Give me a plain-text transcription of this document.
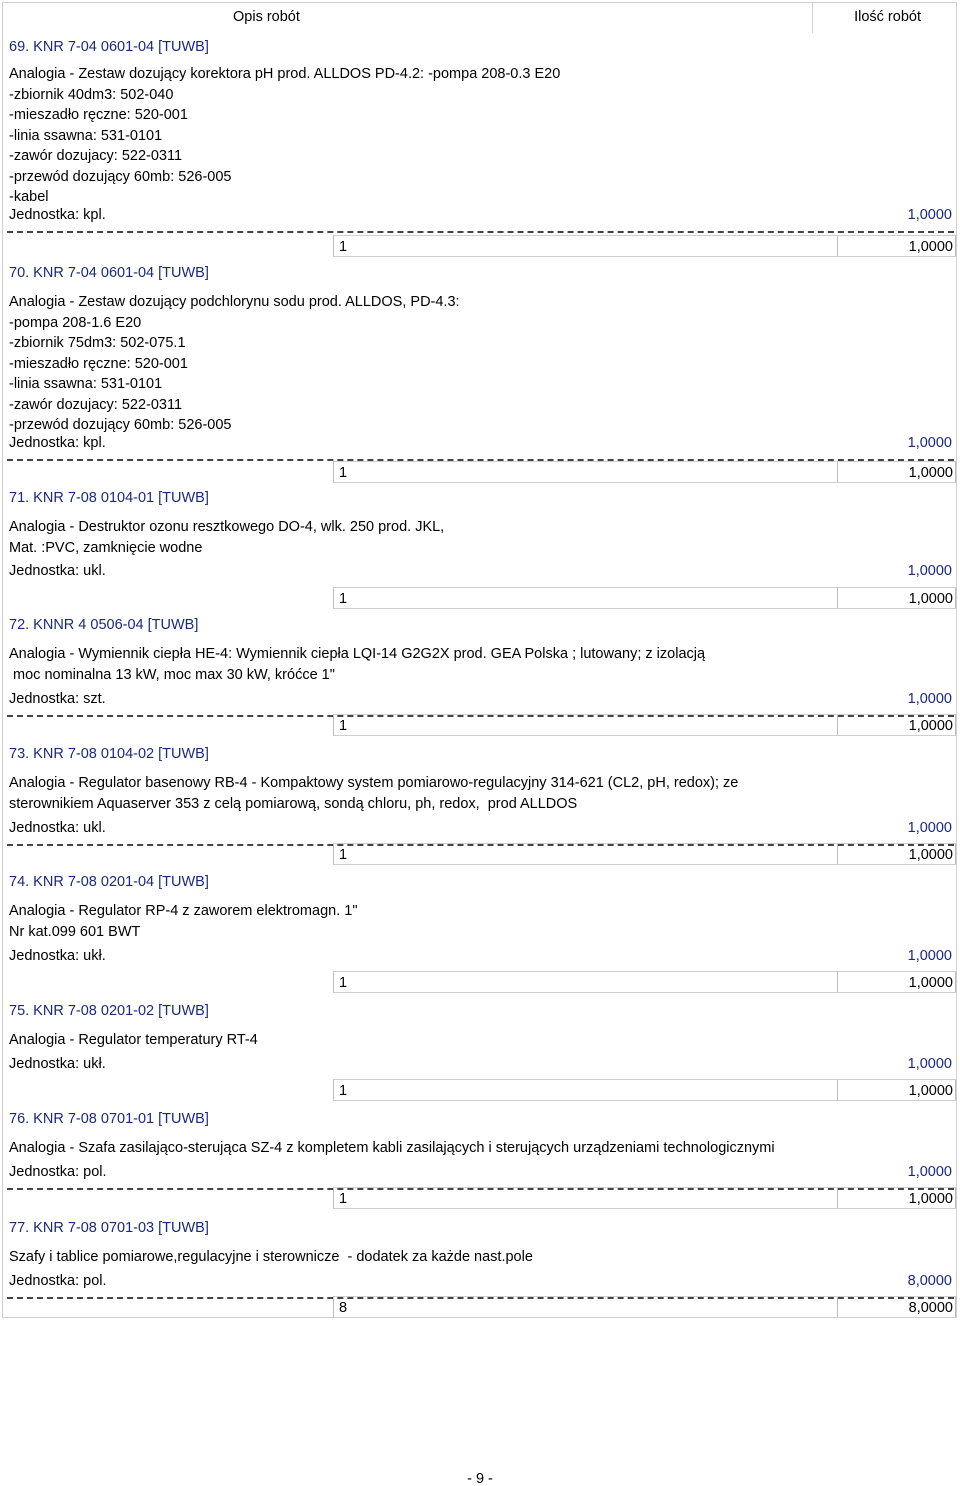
Opis robót	Ilość robót
69. KNR 7-04 0601-04 [TUWB]
Analogia - Zestaw dozujący korektora pH prod. ALLDOS PD-4.2: -pompa 208-0.3 E20
-zbiornik 40dm3: 502-040
-mieszadło ręczne: 520-001
-linia ssawna: 531-0101
-zawór dozujacy: 522-0311
-przewód dozujący 60mb: 526-005
-kabel
Jednostka: kpl.	1,0000
1	1,0000
70. KNR 7-04 0601-04 [TUWB]
Analogia - Zestaw dozujący podchlorynu sodu prod. ALLDOS, PD-4.3:
-pompa 208-1.6 E20
-zbiornik 75dm3: 502-075.1
-mieszadło ręczne: 520-001
-linia ssawna: 531-0101
-zawór dozujacy: 522-0311
-przewód dozujący 60mb: 526-005
Jednostka: kpl.	1,0000
1	1,0000
71. KNR 7-08 0104-01 [TUWB]
Analogia - Destruktor ozonu resztkowego DO-4, wlk. 250 prod. JKL,
Mat. :PVC, zamknięcie wodne
Jednostka: ukl.	1,0000
1	1,0000
72. KNNR 4 0506-04 [TUWB]
Analogia - Wymiennik ciepła HE-4: Wymiennik ciepła LQI-14 G2G2X prod. GEA Polska ; lutowany; z izolacją
moc nominalna 13 kW, moc max 30 kW, króćce 1"
Jednostka: szt.	1,0000
1	1,0000
73. KNR 7-08 0104-02 [TUWB]
Analogia - Regulator basenowy RB-4 - Kompaktowy system pomiarowo-regulacyjny 314-621 (CL2, pH, redox); ze
sterownikiem Aquaserver 353 z celą pomiarową, sondą chloru, ph, redox,  prod ALLDOS
Jednostka: ukl.	1,0000
1	1,0000
74. KNR 7-08 0201-04 [TUWB]
Analogia - Regulator RP-4 z zaworem elektromagn. 1"
Nr kat.099 601 BWT
Jednostka: ukł.	1,0000
1	1,0000
75. KNR 7-08 0201-02 [TUWB]
Analogia - Regulator temperatury RT-4
Jednostka: ukł.	1,0000
1	1,0000
76. KNR 7-08 0701-01 [TUWB]
Analogia - Szafa zasilająco-sterująca SZ-4 z kompletem kabli zasilających i sterujących urządzeniami technologicznymi
Jednostka: pol.	1,0000
1	1,0000
77. KNR 7-08 0701-03 [TUWB]
Szafy i tablice pomiarowe,regulacyjne i sterownicze  - dodatek za każde nast.pole
Jednostka: pol.	8,0000
8	8,0000
- 9 -
